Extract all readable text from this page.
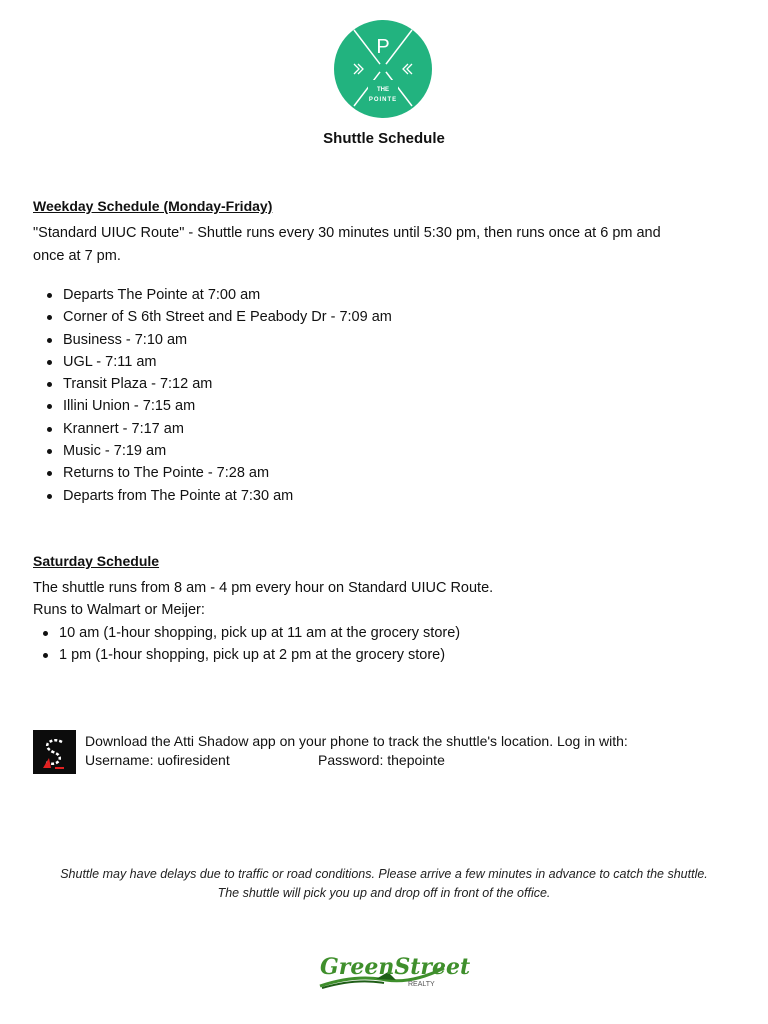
P
THE
POINTE
Shuttle Schedule
Weekday Schedule (Monday-Friday)
"Standard UIUC Route" - Shuttle runs every 30 minutes until 5:30 pm, then runs once at 6 pm and once at 7 pm.
Departs The Pointe at 7:00 am
Corner of S 6th Street and E Peabody Dr - 7:09 am
Business - 7:10 am
UGL - 7:11 am
Transit Plaza - 7:12 am
Illini Union - 7:15 am
Krannert - 7:17 am
Music - 7:19 am
Returns to The Pointe - 7:28 am
Departs from The Pointe at 7:30 am
Saturday Schedule
The shuttle runs from 8 am - 4 pm every hour on Standard UIUC Route.
Runs to Walmart or Meijer:
10 am (1-hour shopping, pick up at 11 am at the grocery store)
1 pm (1-hour shopping, pick up at 2 pm at the grocery store)
Download the Atti Shadow app on your phone to track the shuttle's location. Log in with:
Username: uofiresident	Password: thepointe
Shuttle may have delays due to traffic or road conditions. Please arrive a few minutes in advance to catch the shuttle. The shuttle will pick you up and drop off in front of the office.
GreenStreet
REALTY
